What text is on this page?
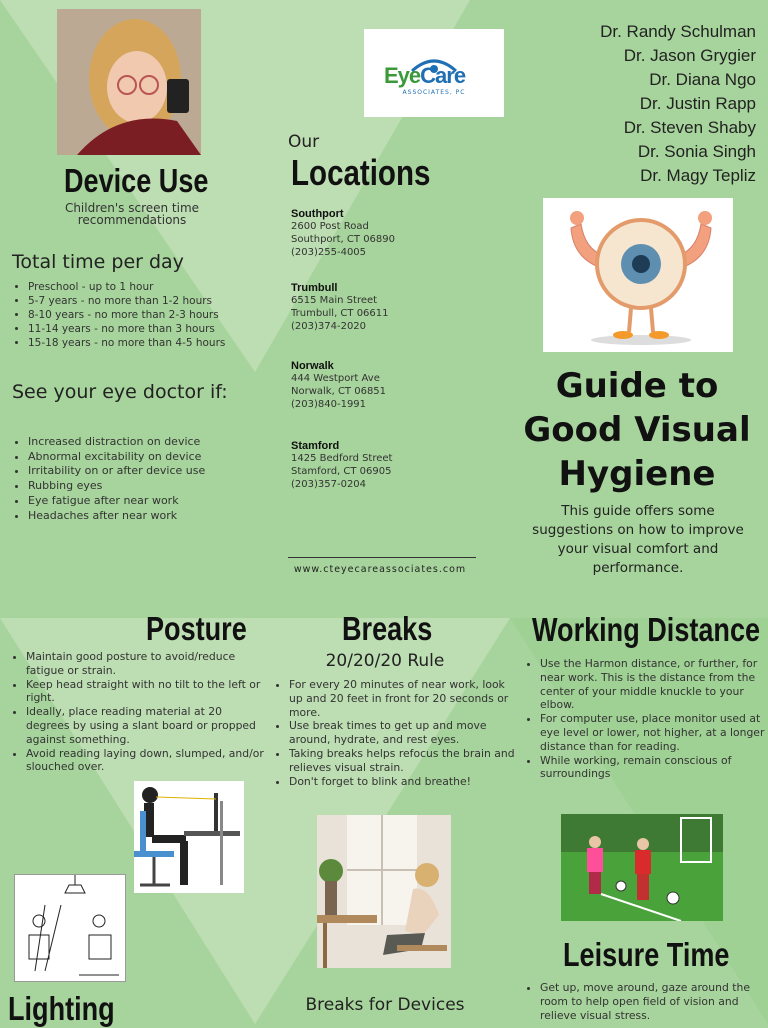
Device Use
Children's screen time recommendations
Total time per day
• Preschool - up to 1 hour
• 5-7 years - no more than 1-2 hours
• 8-10 years - no more than 2-3 hours
• 11-14 years - no more than 3 hours
• 15-18 years - no more than 4-5 hours
See your eye doctor if:
• Increased distraction on device
• Abnormal excitability on device
• Irritability on or after device use
• Rubbing eyes
• Eye fatigue after near work
• Headaches after near work
EyeCare
ASSOCIATES, PC
Our
Locations
Southport
2600 Post Road
Southport, CT 06890
(203)255-4005
Trumbull
6515 Main Street
Trumbull, CT 06611
(203)374-2020
Norwalk
444 Westport Ave
Norwalk, CT 06851
(203)840-1991
Stamford
1425 Bedford Street
Stamford, CT 06905
(203)357-0204
www.cteyecareassociates.com
Dr. Randy Schulman
Dr. Jason Grygier
Dr. Diana Ngo
Dr. Justin Rapp
Dr. Steven Shaby
Dr. Sonia Singh
Dr. Magy Tepliz
Guide to Good Visual Hygiene
This guide offers some suggestions on how to improve your visual comfort and performance.
Posture
• Maintain good posture to avoid/reduce fatigue or strain.
• Keep head straight with no tilt to the left or right.
• Ideally, place reading material at 20 degrees by using a slant board or propped against something.
• Avoid reading laying down, slumped, and/or slouched over.
Lighting
Breaks
20/20/20 Rule
• For every 20 minutes of near work, look up and 20 feet in front for 20 seconds or more.
• Use break times to get up and move around, hydrate, and rest eyes.
• Taking breaks helps refocus the brain and relieves visual strain.
• Don't forget to blink and breathe!
Breaks for Devices
Working Distance
• Use the Harmon distance, or further, for near work. This is the distance from the center of your middle knuckle to your elbow.
• For computer use, place monitor used at eye level or lower, not higher, at a longer distance than for reading.
• While working, remain conscious of surroundings
Leisure Time
• Get up, move around, gaze around the room to help open field of vision and relieve visual stress.
